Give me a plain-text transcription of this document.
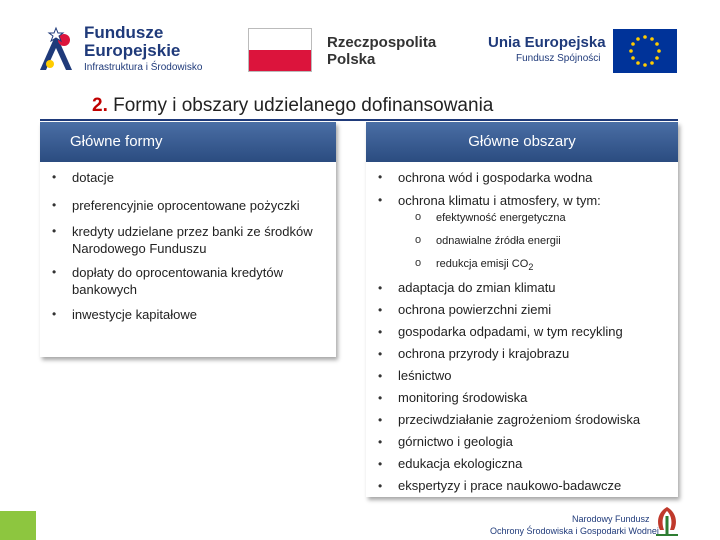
Fundusze
Europejskie
Infrastruktura i Środowisko
Rzeczpospolita
Polska
Unia Europejska
Fundusz Spójności
2. Formy i obszary udzielanego dofinansowania
Główne formy
• dotacje
• preferencyjnie oprocentowane pożyczki
• kredyty udzielane przez banki ze środków
Narodowego Funduszu
• dopłaty do oprocentowania kredytów
bankowych
• inwestycje kapitałowe
Główne obszary
• ochrona wód i gospodarka wodna
• ochrona klimatu i atmosfery, w tym:
o efektywność energetyczna
o odnawialne źródła energii
o redukcja emisji $CO_2$
• adaptacja do zmian klimatu
• ochrona powierzchni ziemi
• gospodarka odpadami, w tym recykling
• ochrona przyrody i krajobrazu
• leśnictwo
• monitoring środowiska
• przeciwdziałanie zagrożeniom środowiska
• górnictwo i geologia
• edukacja ekologiczna
• ekspertyzy i prace naukowo-badawcze
Narodowy Fundusz
Ochrony Środowiska i Gospodarki Wodnej
